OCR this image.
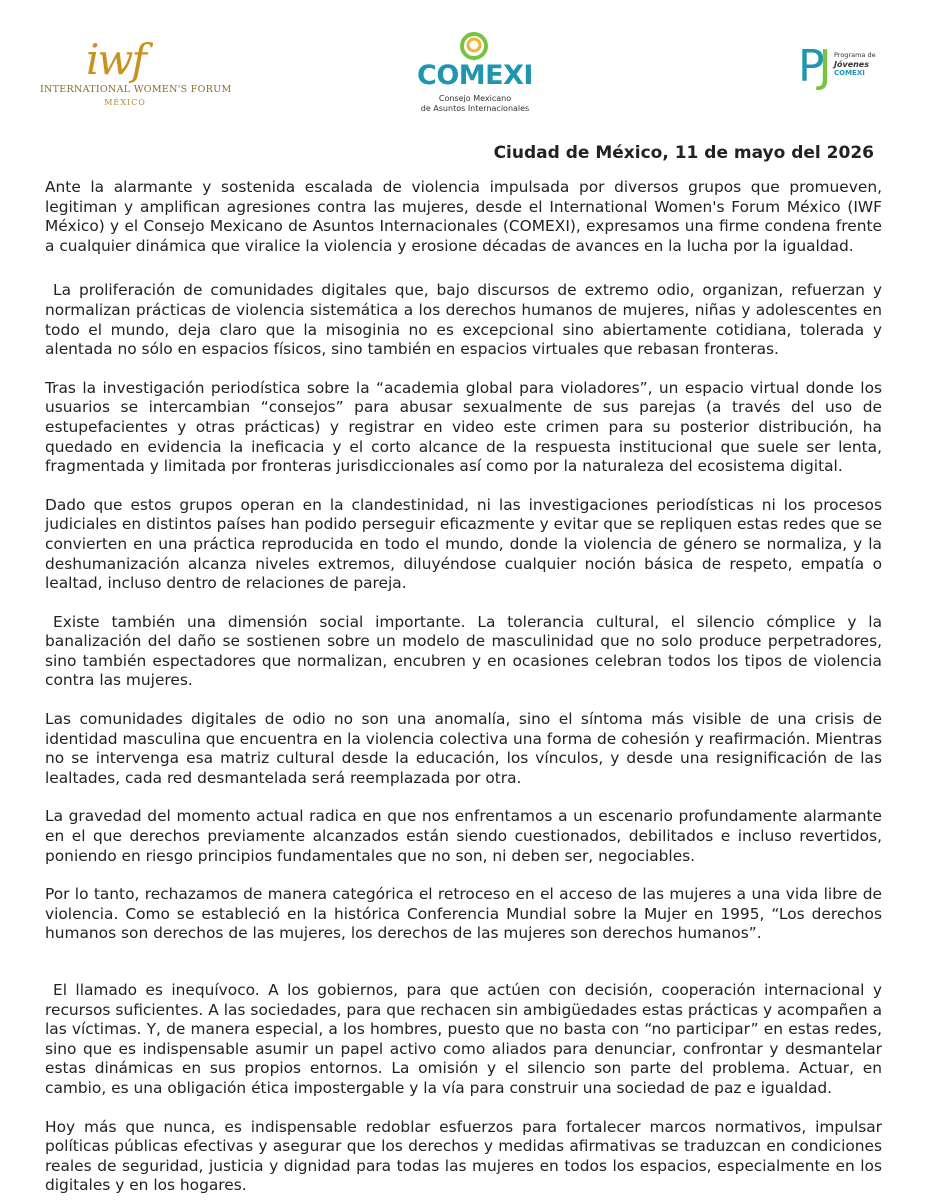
iwf
INTERNATIONAL WOMEN'S FORUM
MÉXICO
COMEXI
Consejo Mexicano
de Asuntos Internacionales
PJ Programa de
Jóvenes
COMEXI
Ciudad de México, 11 de mayo del 2026

Ante la alarmante y sostenida escalada de violencia impulsada por diversos grupos que promueven, legitiman y amplifican agresiones contra las mujeres, desde el International Women's Forum México (IWF México) y el Consejo Mexicano de Asuntos Internacionales (COMEXI), expresamos una firme condena frente a cualquier dinámica que viralice la violencia y erosione décadas de avances en la lucha por la igualdad.

La proliferación de comunidades digitales que, bajo discursos de extremo odio, organizan, refuerzan y normalizan prácticas de violencia sistemática a los derechos humanos de mujeres, niñas y adolescentes en todo el mundo, deja claro que la misoginia no es excepcional sino abiertamente cotidiana, tolerada y alentada no sólo en espacios físicos, sino también en espacios virtuales que rebasan fronteras.

Tras la investigación periodística sobre la “academia global para violadores”, un espacio virtual donde los usuarios se intercambian “consejos” para abusar sexualmente de sus parejas (a través del uso de estupefacientes y otras prácticas) y registrar en video este crimen para su posterior distribución, ha quedado en evidencia la ineficacia y el corto alcance de la respuesta institucional que suele ser lenta, fragmentada y limitada por fronteras jurisdiccionales así como por la naturaleza del ecosistema digital.

Dado que estos grupos operan en la clandestinidad, ni las investigaciones periodísticas ni los procesos judiciales en distintos países han podido perseguir eficazmente y evitar que se repliquen estas redes que se convierten en una práctica reproducida en todo el mundo, donde la violencia de género se normaliza, y la deshumanización alcanza niveles extremos, diluyéndose cualquier noción básica de respeto, empatía o lealtad, incluso dentro de relaciones de pareja.

Existe también una dimensión social importante. La tolerancia cultural, el silencio cómplice y la banalización del daño se sostienen sobre un modelo de masculinidad que no solo produce perpetradores, sino también espectadores que normalizan, encubren y en ocasiones celebran todos los tipos de violencia contra las mujeres.

Las comunidades digitales de odio no son una anomalía, sino el síntoma más visible de una crisis de identidad masculina que encuentra en la violencia colectiva una forma de cohesión y reafirmación. Mientras no se intervenga esa matriz cultural desde la educación, los vínculos, y desde una resignificación de las lealtades, cada red desmantelada será reemplazada por otra.

La gravedad del momento actual radica en que nos enfrentamos a un escenario profundamente alarmante en el que derechos previamente alcanzados están siendo cuestionados, debilitados e incluso revertidos, poniendo en riesgo principios fundamentales que no son, ni deben ser, negociables.

Por lo tanto, rechazamos de manera categórica el retroceso en el acceso de las mujeres a una vida libre de violencia. Como se estableció en la histórica Conferencia Mundial sobre la Mujer en 1995, “Los derechos humanos son derechos de las mujeres, los derechos de las mujeres son derechos humanos”.

El llamado es inequívoco. A los gobiernos, para que actúen con decisión, cooperación internacional y recursos suficientes. A las sociedades, para que rechacen sin ambigüedades estas prácticas y acompañen a las víctimas. Y, de manera especial, a los hombres, puesto que no basta con “no participar” en estas redes, sino que es indispensable asumir un papel activo como aliados para denunciar, confrontar y desmantelar estas dinámicas en sus propios entornos. La omisión y el silencio son parte del problema. Actuar, en cambio, es una obligación ética impostergable y la vía para construir una sociedad de paz e igualdad.

Hoy más que nunca, es indispensable redoblar esfuerzos para fortalecer marcos normativos, impulsar políticas públicas efectivas y asegurar que los derechos y medidas afirmativas se traduzcan en condiciones reales de seguridad, justicia y dignidad para todas las mujeres en todos los espacios, especialmente en los digitales y en los hogares.
